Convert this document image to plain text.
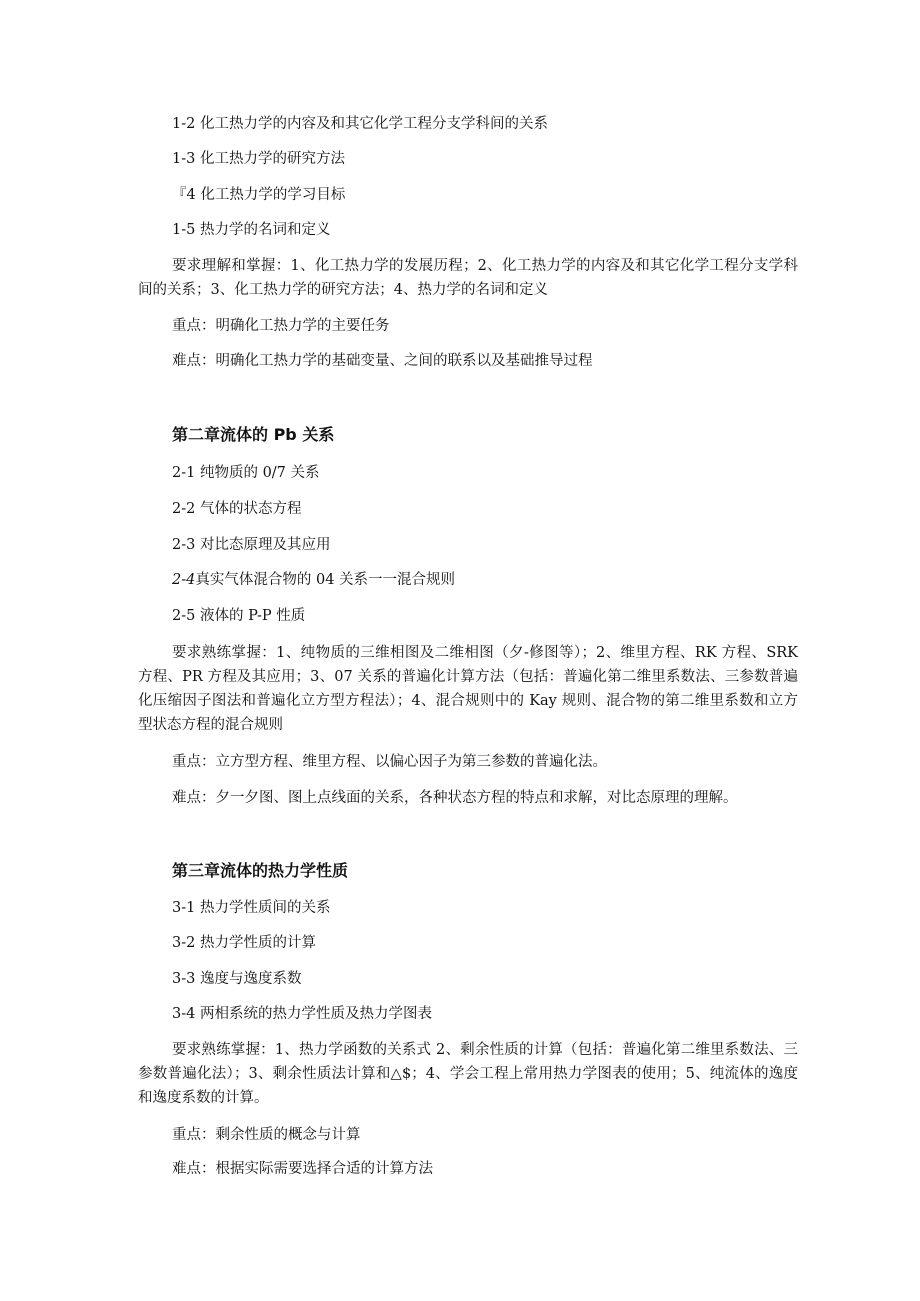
1-2 化工热力学的内容及和其它化学工程分支学科间的关系
1-3 化工热力学的研究方法
『4 化工热力学的学习目标
1-5 热力学的名词和定义
要求理解和掌握：1、化工热力学的发展历程；2、化工热力学的内容及和其它化学工程分支学科间的关系；3、化工热力学的研究方法；4、热力学的名词和定义
重点：明确化工热力学的主要任务
难点：明确化工热力学的基础变量、之间的联系以及基础推导过程
第二章流体的 Pb 关系
2-1 纯物质的 0/7 关系
2-2 气体的状态方程
2-3 对比态原理及其应用
2-4真实气体混合物的 04 关系一一混合规则
2-5 液体的 P-P 性质
要求熟练掌握：1、纯物质的三维相图及二维相图（夕-修图等）；2、维里方程、RK 方程、SRK 方程、PR 方程及其应用；3、07 关系的普遍化计算方法（包括：普遍化第二维里系数法、三参数普遍化压缩因子图法和普遍化立方型方程法）；4、混合规则中的 Kay 规则、混合物的第二维里系数和立方型状态方程的混合规则
重点：立方型方程、维里方程、以偏心因子为第三参数的普遍化法。
难点：夕一夕图、图上点线面的关系，各种状态方程的特点和求解，对比态原理的理解。
第三章流体的热力学性质
3-1 热力学性质间的关系
3-2 热力学性质的计算
3-3 逸度与逸度系数
3-4 两相系统的热力学性质及热力学图表
要求熟练掌握：1、热力学函数的关系式 2、剩余性质的计算（包括：普遍化第二维里系数法、三参数普遍化法）；3、剩余性质法计算和△$；4、学会工程上常用热力学图表的使用；5、纯流体的逸度和逸度系数的计算。
重点：剩余性质的概念与计算
难点：根据实际需要选择合适的计算方法
